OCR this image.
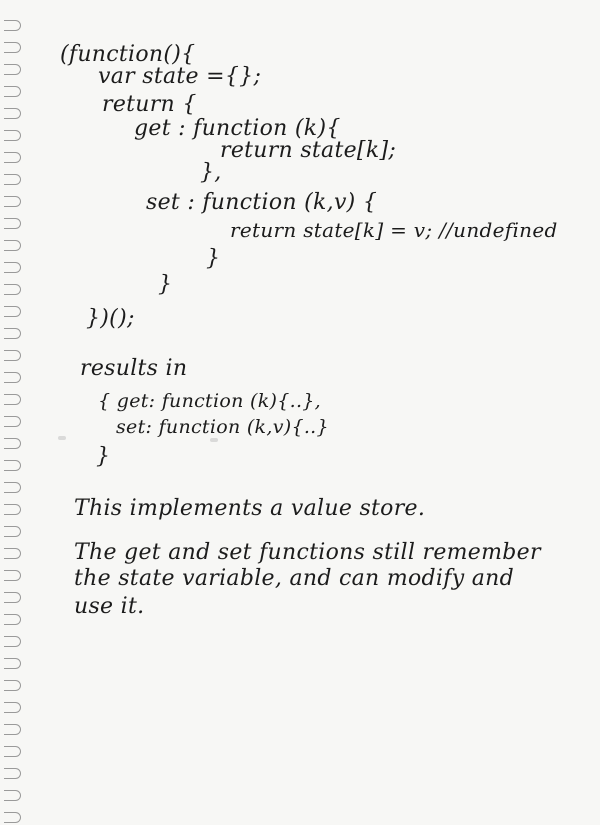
(function(){
var state ={};
return {
get : function (k){
return state[k];
},
set : function (k,v) {
return state[k] = v; //undefined
}
}
})();
results in
{ get: function (k){..},
set: function (k,v){..}
}
This implements a value store.
The get and set functions still remember
the state variable, and can modify and
use it.
